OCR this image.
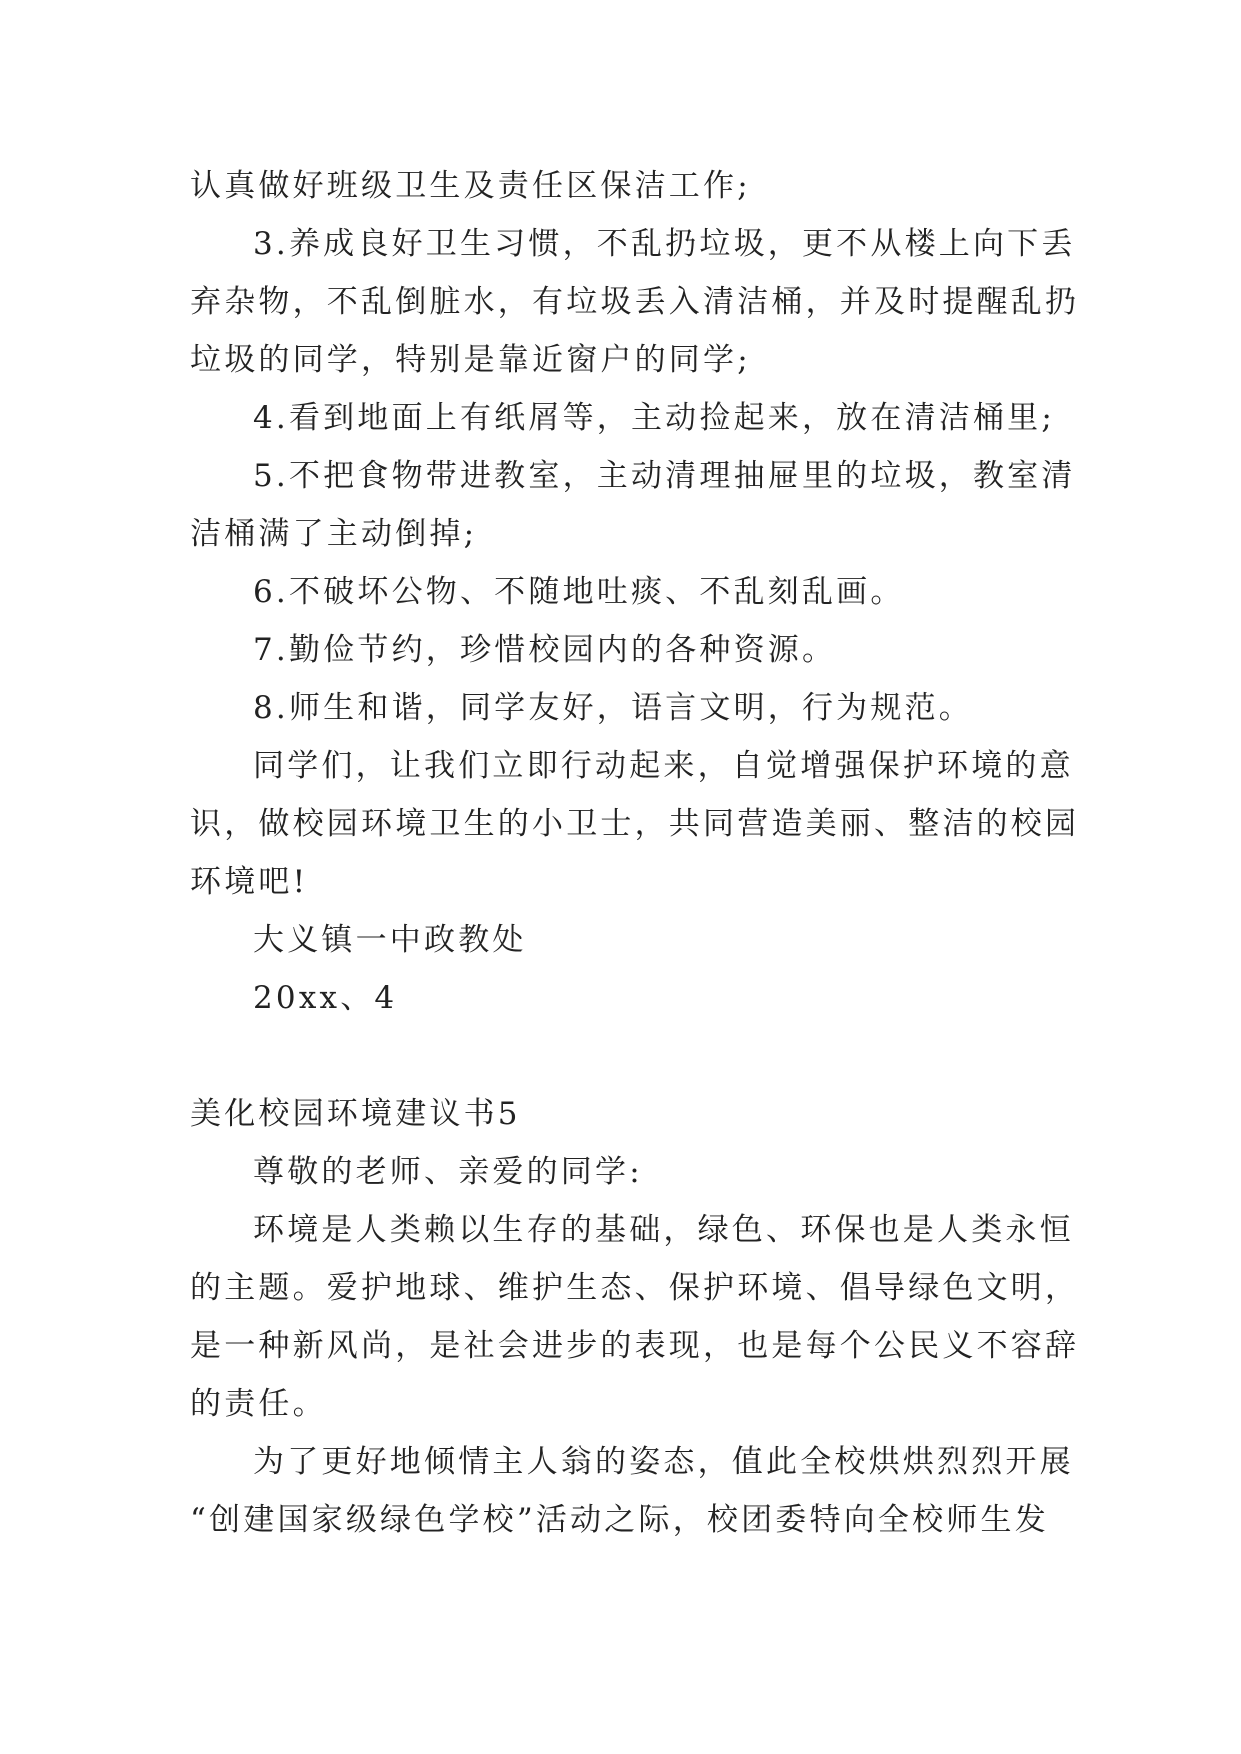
认真做好班级卫生及责任区保洁工作;
3.养成良好卫生习惯，不乱扔垃圾，更不从楼上向下丢
弃杂物，不乱倒脏水，有垃圾丢入清洁桶，并及时提醒乱扔
垃圾的同学，特别是靠近窗户的同学;
4.看到地面上有纸屑等，主动捡起来，放在清洁桶里;
5.不把食物带进教室，主动清理抽屉里的垃圾，教室清
洁桶满了主动倒掉;
6.不破坏公物、不随地吐痰、不乱刻乱画。
7.勤俭节约，珍惜校园内的各种资源。
8.师生和谐，同学友好，语言文明，行为规范。
同学们，让我们立即行动起来，自觉增强保护环境的意
识，做校园环境卫生的小卫士，共同营造美丽、整洁的校园
环境吧!
大义镇一中政教处
20xx、4
美化校园环境建议书5
尊敬的老师、亲爱的同学:
环境是人类赖以生存的基础，绿色、环保也是人类永恒
的主题。爱护地球、维护生态、保护环境、倡导绿色文明，
是一种新风尚，是社会进步的表现，也是每个公民义不容辞
的责任。
为了更好地倾情主人翁的姿态，值此全校烘烘烈烈开展
“创建国家级绿色学校”活动之际，校团委特向全校师生发
